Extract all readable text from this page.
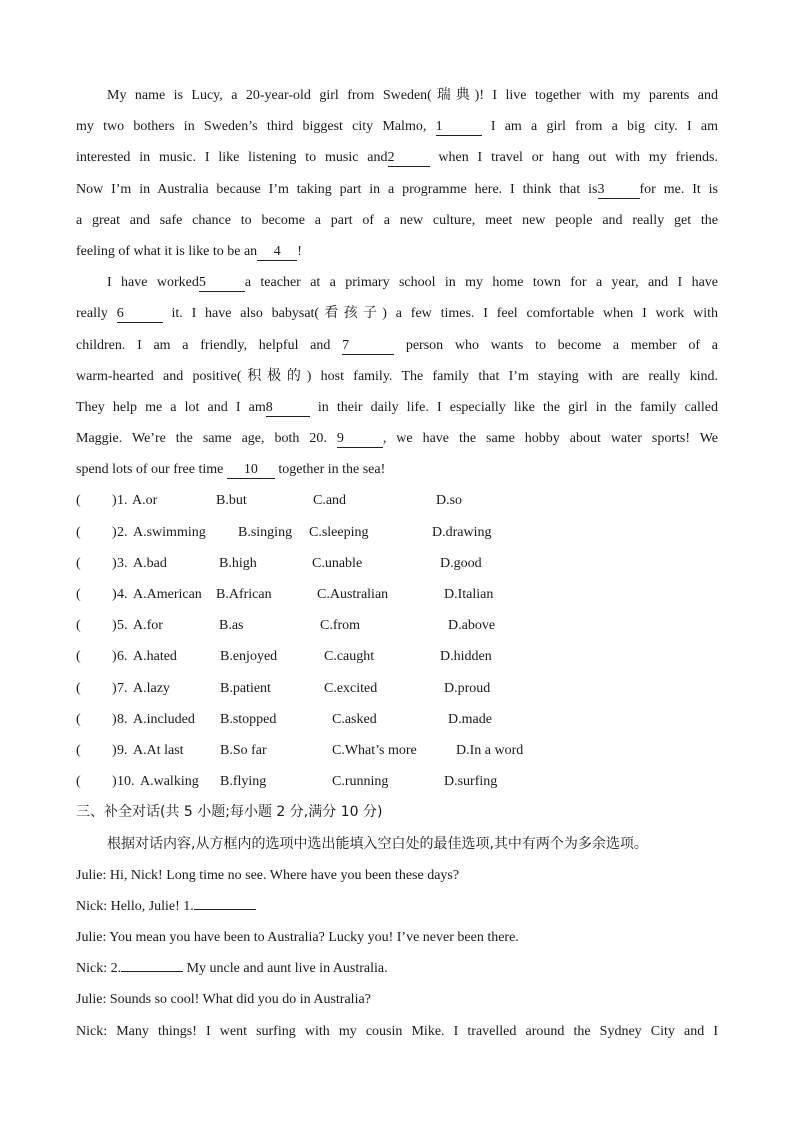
My name is Lucy, a 20-year-old girl from Sweden(瑞典)! I live together with my parents and
my two bothers in Sweden’s third biggest city Malmo, 1	I am a girl from a big city. I am
interested in music. I like listening to music and2	when I travel or hang out with my friends.
Now I’m in Australia because I’m taking part in a programme here. I think that is3	for me. It is
a great and safe chance to become a part of a new culture, meet new people and really get the
feeling of what it is like to be an 4 !
I have worked5	a teacher at a primary school in my home town for a year, and I have
really 6	it. I have also babysat(看孩子) a few times. I feel comfortable when I work with
children. I am a friendly, helpful and 7	person who wants to become a member of a
warm-hearted and positive(积极的) host family. The family that I’m staying with are really kind.
They help me a lot and I am8	in their daily life. I especially like the girl in the family called
Maggie. We’re the same age, both 20. 9	, we have the same hobby about water sports! We
spend lots of our free time 10 together in the sea!
( ) 1. A.or	B.but	C.and	D.so
( ) 2. A.swimming B.singing C.sleeping	D.drawing
( ) 3. A.bad	B.high	C.unable	D.good
( ) 4. A.American B.African	C.Australian	D.Italian
( ) 5. A.for	B.as	C.from	D.above
( ) 6. A.hated	B.enjoyed	C.caught	D.hidden
( ) 7. A.lazy	B.patient	C.excited	D.proud
( ) 8. A.included B.stopped	C.asked	D.made
( ) 9. A.At last	B.So far	C.What’s more	D.In a word
( ) 10. A.walking B.flying	C.running	D.surfing
三、补全对话(共 5 小题;每小题 2 分,满分 10 分)
根据对话内容,从方框内的选项中选出能填入空白处的最佳选项,其中有两个为多余选项。
Julie: Hi, Nick! Long time no see. Where have you been these days?
Nick: Hello, Julie! 1.
Julie: You mean you have been to Australia? Lucky you! I’ve never been there.
Nick: 2.	My uncle and aunt live in Australia.
Julie: Sounds so cool! What did you do in Australia?
Nick: Many things! I went surfing with my cousin Mike. I travelled around the Sydney City and I
